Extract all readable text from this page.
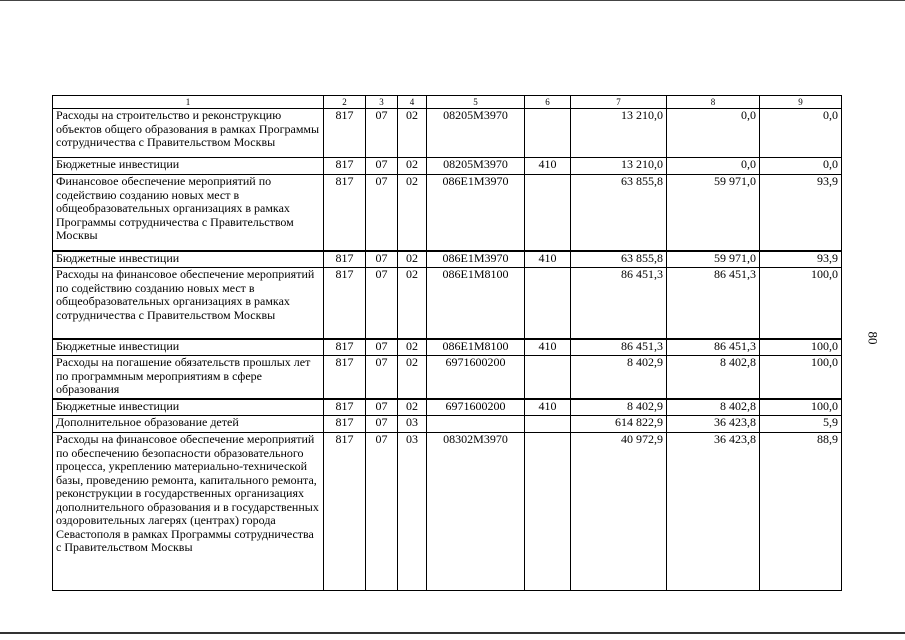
1	2	3	4	5	6	7	8	9
Расходы на строительство и реконструкцию объектов общего образования в рамках Программы сотрудничества с Правительством Москвы	817	07	02	08205М3970		13 210,0	0,0	0,0
Бюджетные инвестиции	817	07	02	08205М3970	410	13 210,0	0,0	0,0
Финансовое обеспечение мероприятий по содействию созданию новых мест в общеобразовательных организациях в рамках Программы сотрудничества с Правительством Москвы	817	07	02	086Е1М3970		63 855,8	59 971,0	93,9
Бюджетные инвестиции	817	07	02	086Е1М3970	410	63 855,8	59 971,0	93,9
Расходы на финансовое обеспечение мероприятий по содействию созданию новых мест в общеобразовательных организациях в рамках сотрудничества с Правительством Москвы	817	07	02	086Е1М8100		86 451,3	86 451,3	100,0
Бюджетные инвестиции	817	07	02	086Е1М8100	410	86 451,3	86 451,3	100,0
Расходы на погашение обязательств прошлых лет по программным мероприятиям в сфере образования	817	07	02	6971600200		8 402,9	8 402,8	100,0
Бюджетные инвестиции	817	07	02	6971600200	410	8 402,9	8 402,8	100,0
Дополнительное образование детей	817	07	03			614 822,9	36 423,8	5,9
Расходы на финансовое обеспечение мероприятий по обеспечению безопасности образовательного процесса, укреплению материально-технической базы, проведению ремонта, капитального ремонта, реконструкции в государственных организациях дополнительного образования и в государственных оздоровительных лагерях (центрах) города Севастополя в рамках Программы сотрудничества с Правительством Москвы	817	07	03	08302М3970		40 972,9	36 423,8	88,9
80
